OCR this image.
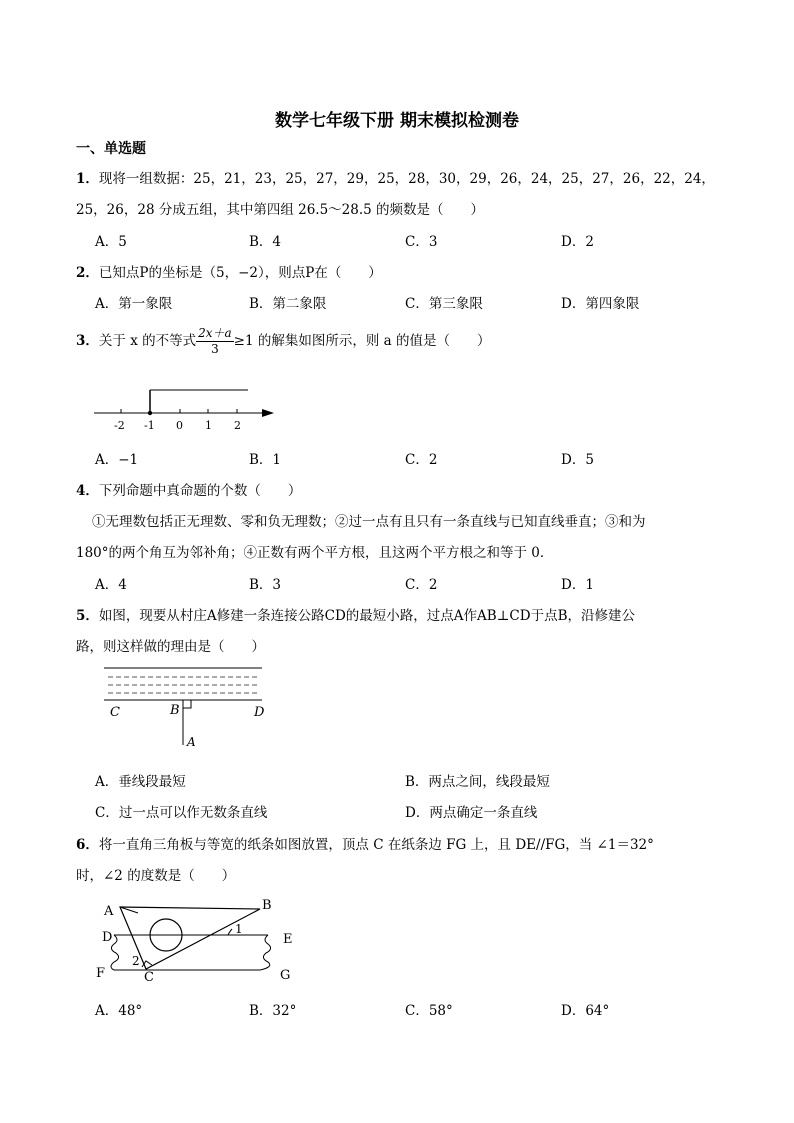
数学七年级下册 期末模拟检测卷
一、单选题
1．现将一组数据：25，21，23，25，27，29，25，28，30，29，26，24，25，27，26，22，24，
25，26，28 分成五组，其中第四组 26.5～28.5 的频数是（　　）
A．5	B．4	C．3	D．2
2．已知点P的坐标是（5，−2），则点P在（　　）
A．第一象限	B．第二象限	C．第三象限	D．第四象限
3．关于 x 的不等式 $\frac{2x+a}{3} \ge 1$ 的解集如图所示，则 a 的值是（　　）
-2 -1 0 1 2
A．−1	B．1	C．2	D．5
4．下列命题中真命题的个数（　　）
①无理数包括正无理数、零和负无理数；②过一点有且只有一条直线与已知直线垂直；③和为
180°的两个角互为邻补角；④正数有两个平方根，且这两个平方根之和等于 0．
A．4	B．3	C．2	D．1
5．如图，现要从村庄A修建一条连接公路CD的最短小路，过点A作AB⊥CD于点B，沿修建公
路，则这样做的理由是（　　）
C	B	D
A
A．垂线段最短	B．两点之间，线段最短
C．过一点可以作无数条直线	D．两点确定一条直线
6．将一直角三角板与等宽的纸条如图放置，顶点 C 在纸条边 FG 上，且 DE//FG，当 ∠1＝32°
时，∠2 的度数是（　　）
A	B
D	E
F	G
C
1
2
A．48°	B．32°	C．58°	D．64°
